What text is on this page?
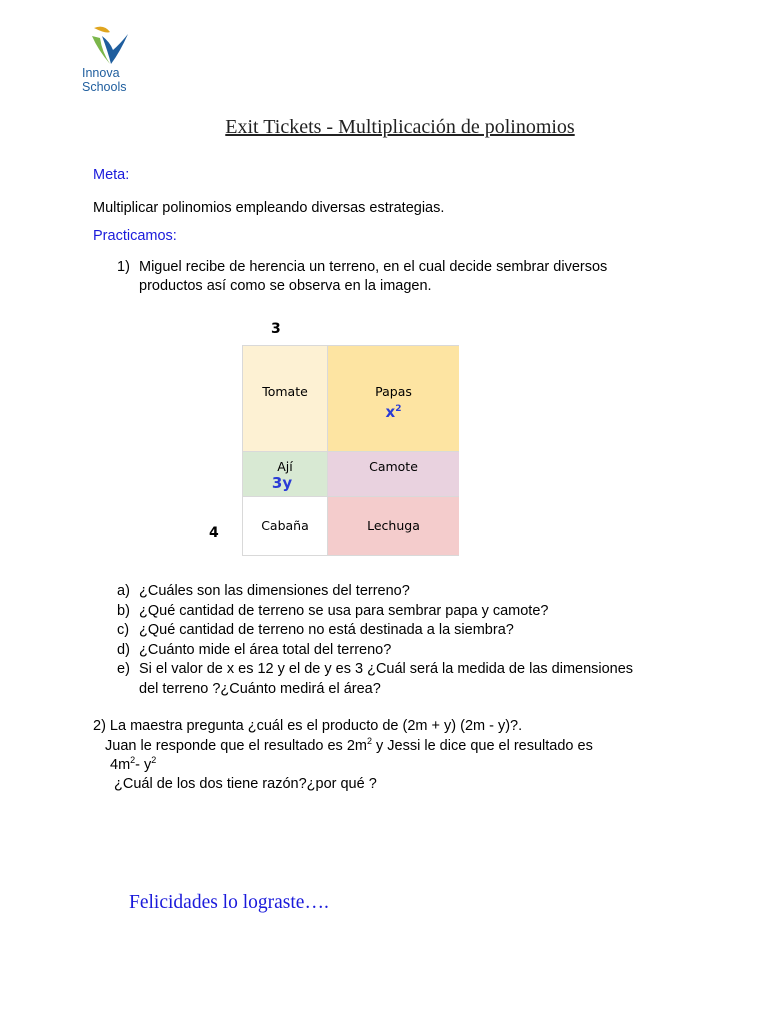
Innova
Schools
Exit Tickets - Multiplicación de polinomios
Meta:
Multiplicar polinomios empleando diversas estrategias.
Practicamos:
1) Miguel recibe de herencia un terreno, en el cual decide sembrar diversos
productos así como se observa en la imagen.
3
4
Tomate	Papas
$x^2$
Ají
3y
Camote
Cabaña	Lechuga
a) ¿Cuáles son las dimensiones del terreno?
b) ¿Qué cantidad de terreno se usa para sembrar papa y camote?
c) ¿Qué cantidad de terreno no está destinada a la siembra?
d) ¿Cuánto mide el área total del terreno?
e) Si el valor de x es 12 y el de y es 3 ¿Cuál será la medida de las dimensiones
del terreno ?¿Cuánto medirá el área?
2) La maestra pregunta ¿cuál es el producto de (2m + y) (2m - y)?.
Juan le responde que el resultado es $2m^2$ y Jessi le dice que el resultado es
$4m^2-$ $y^2$
¿Cuál de los dos tiene razón?¿por qué ?
Felicidades lo lograste….
